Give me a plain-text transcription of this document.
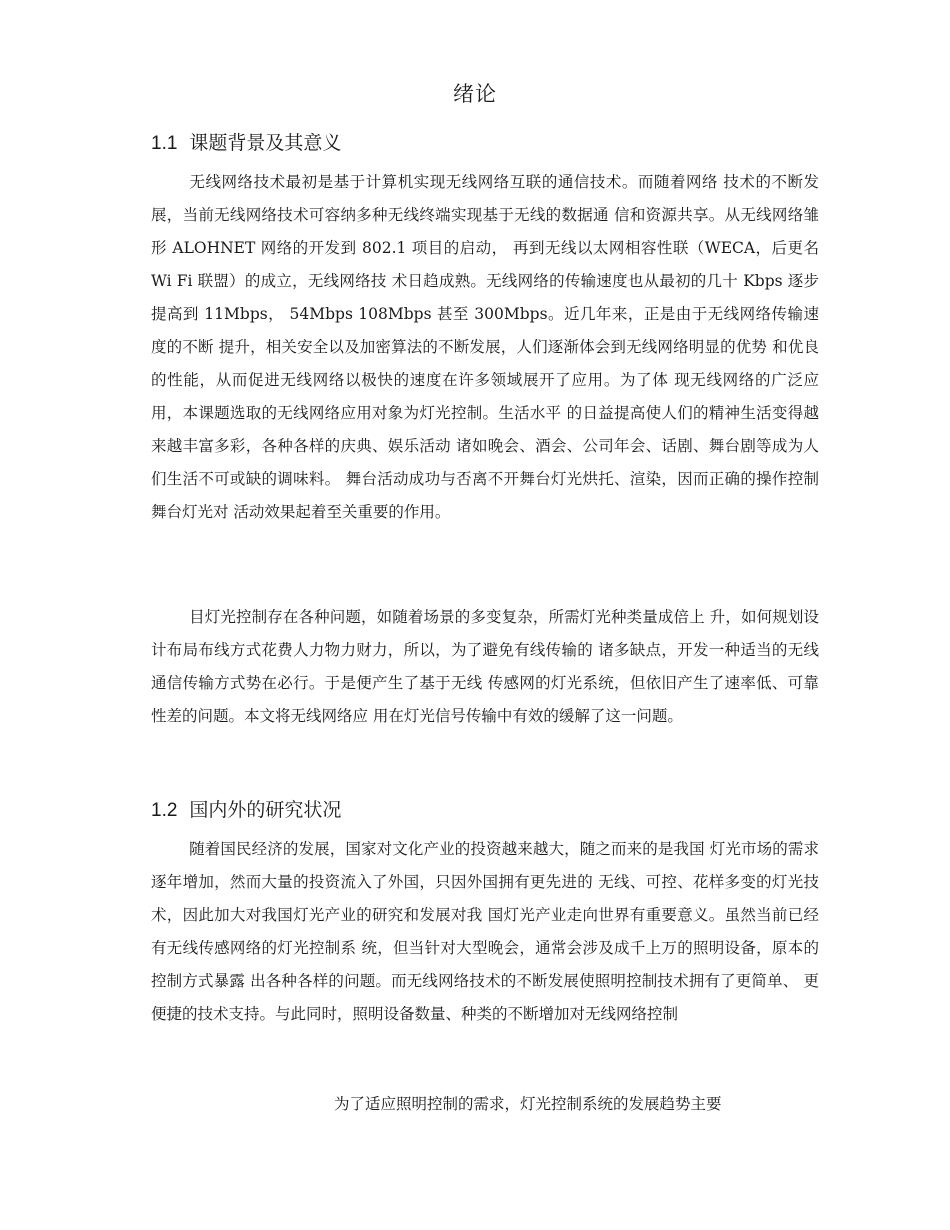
绪论
1.1 课题背景及其意义
无线网络技术最初是基于计算机实现无线网络互联的通信技术。而随着网络 技术的不断发展，当前无线网络技术可容纳多种无线终端实现基于无线的数据通 信和资源共享。从无线网络雏形 ALOHNET 网络的开发到 802.1 项目的启动， 再到无线以太网相容性联（WECA，后更名 Wi Fi 联盟）的成立，无线网络技 术日趋成熟。无线网络的传输速度也从最初的几十 Kbps 逐步提高到 11Mbps， 54Mbps 108Mbps 甚至 300Mbps。近几年来，正是由于无线网络传输速度的不断 提升，相关安全以及加密算法的不断发展，人们逐渐体会到无线网络明显的优势 和优良的性能，从而促进无线网络以极快的速度在许多领域展开了应用。为了体 现无线网络的广泛应用，本课题选取的无线网络应用对象为灯光控制。生活水平 的日益提高使人们的精神生活变得越来越丰富多彩，各种各样的庆典、娱乐活动 诸如晚会、酒会、公司年会、话剧、舞台剧等成为人们生活不可或缺的调味料。 舞台活动成功与否离不开舞台灯光烘托、渲染，因而正确的操作控制舞台灯光对 活动效果起着至关重要的作用。
目灯光控制存在各种问题，如随着场景的多变复杂，所需灯光种类量成倍上 升，如何规划设计布局布线方式花费人力物力财力，所以，为了避免有线传输的 诸多缺点，开发一种适当的无线通信传输方式势在必行。于是便产生了基于无线 传感网的灯光系统，但依旧产生了速率低、可靠性差的问题。本文将无线网络应 用在灯光信号传输中有效的缓解了这一问题。
1.2 国内外的研究状况
随着国民经济的发展，国家对文化产业的投资越来越大，随之而来的是我国 灯光市场的需求逐年增加，然而大量的投资流入了外国，只因外国拥有更先进的 无线、可控、花样多变的灯光技术，因此加大对我国灯光产业的研究和发展对我 国灯光产业走向世界有重要意义。虽然当前已经有无线传感网络的灯光控制系 统，但当针对大型晚会，通常会涉及成千上万的照明设备，原本的控制方式暴露 出各种各样的问题。而无线网络技术的不断发展使照明控制技术拥有了更简单、 更便捷的技术支持。与此同时，照明设备数量、种类的不断增加对无线网络控制
为了适应照明控制的需求，灯光控制系统的发展趋势主要
